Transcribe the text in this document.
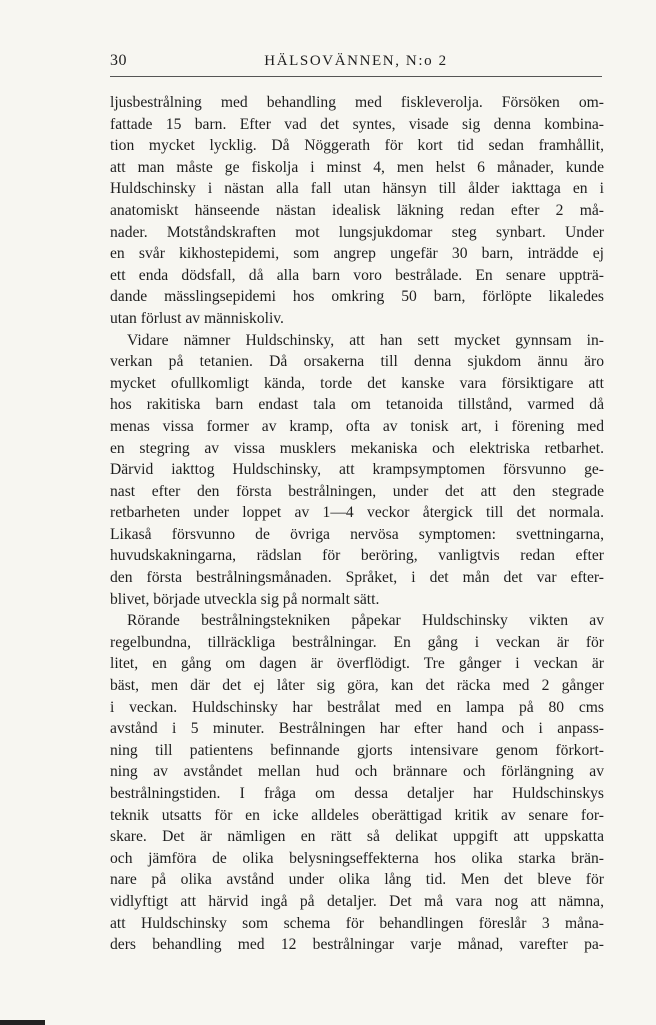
30	HÄLSOVÄNNEN, N:o 2
ljusbestrålning med behandling med fiskleverolja. Försöken om-
fattade 15 barn. Efter vad det syntes, visade sig denna kombina-
tion mycket lycklig. Då Nöggerath för kort tid sedan framhållit,
att man måste ge fiskolja i minst 4, men helst 6 månader, kunde
Huldschinsky i nästan alla fall utan hänsyn till ålder iakttaga en i
anatomiskt hänseende nästan idealisk läkning redan efter 2 må-
nader. Motståndskraften mot lungsjukdomar steg synbart. Under
en svår kikhostepidemi, som angrep ungefär 30 barn, inträdde ej
ett enda dödsfall, då alla barn voro bestrålade. En senare uppträ-
dande mässlingsepidemi hos omkring 50 barn, förlöpte likaledes
utan förlust av människoliv.
Vidare nämner Huldschinsky, att han sett mycket gynnsam in-
verkan på tetanien. Då orsakerna till denna sjukdom ännu äro
mycket ofullkomligt kända, torde det kanske vara försiktigare att
hos rakitiska barn endast tala om tetanoida tillstånd, varmed då
menas vissa former av kramp, ofta av tonisk art, i förening med
en stegring av vissa musklers mekaniska och elektriska retbarhet.
Därvid iakttog Huldschinsky, att krampsymptomen försvunno ge-
nast efter den första bestrålningen, under det att den stegrade
retbarheten under loppet av 1—4 veckor återgick till det normala.
Likaså försvunno de övriga nervösa symptomen: svettningarna,
huvudskakningarna, rädslan för beröring, vanligtvis redan efter
den första bestrålningsmånaden. Språket, i det mån det var efter-
blivet, började utveckla sig på normalt sätt.
Rörande bestrålningstekniken påpekar Huldschinsky vikten av
regelbundna, tillräckliga bestrålningar. En gång i veckan är för
litet, en gång om dagen är överflödigt. Tre gånger i veckan är
bäst, men där det ej låter sig göra, kan det räcka med 2 gånger
i veckan. Huldschinsky har bestrålat med en lampa på 80 cms
avstånd i 5 minuter. Bestrålningen har efter hand och i anpass-
ning till patientens befinnande gjorts intensivare genom förkort-
ning av avståndet mellan hud och brännare och förlängning av
bestrålningstiden. I fråga om dessa detaljer har Huldschinskys
teknik utsatts för en icke alldeles oberättigad kritik av senare for-
skare. Det är nämligen en rätt så delikat uppgift att uppskatta
och jämföra de olika belysningseffekterna hos olika starka brän-
nare på olika avstånd under olika lång tid. Men det bleve för
vidlyftigt att härvid ingå på detaljer. Det må vara nog att nämna,
att Huldschinsky som schema för behandlingen föreslår 3 måna-
ders behandling med 12 bestrålningar varje månad, varefter pa-
